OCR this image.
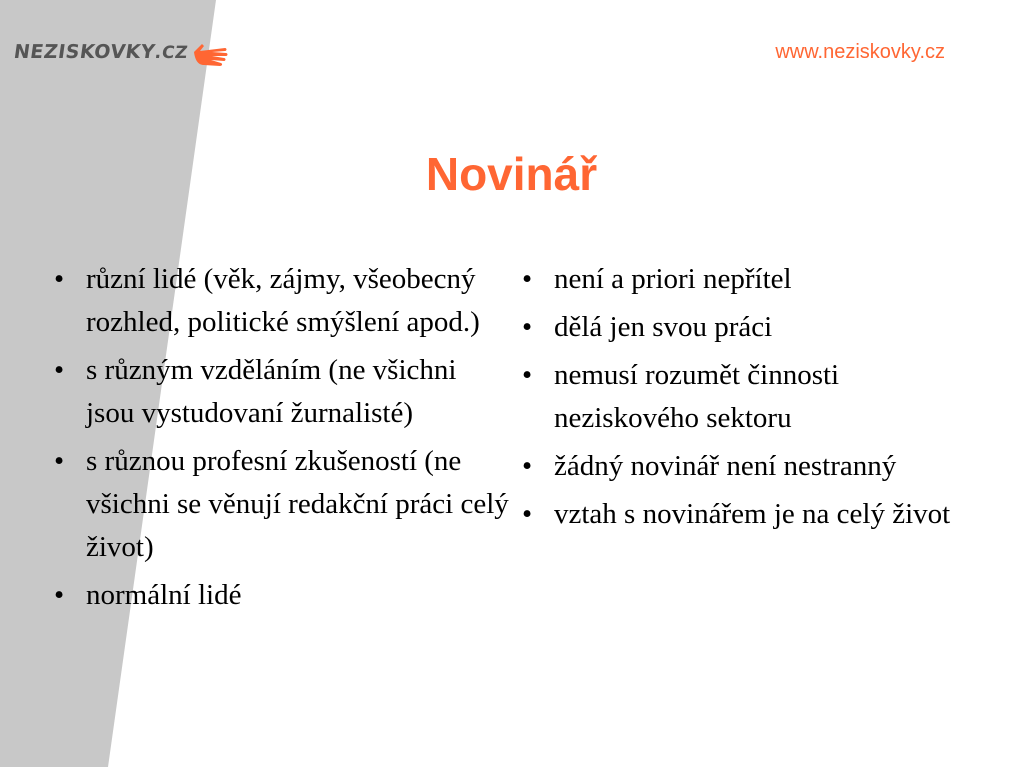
NEZISKOVKY.CZ	www.neziskovky.cz
Novinář
• různí lidé (věk, zájmy, všeobecný rozhled, politické smýšlení apod.)
• s různým vzděláním (ne všichni jsou vystudovaní žurnalisté)
• s různou profesní zkušeností (ne všichni se věnují redakční práci celý život)
• normální lidé
• není a priori nepřítel
• dělá jen svou práci
• nemusí rozumět činnosti neziskového sektoru
• žádný novinář není nestranný
• vztah s novinářem je na celý život
